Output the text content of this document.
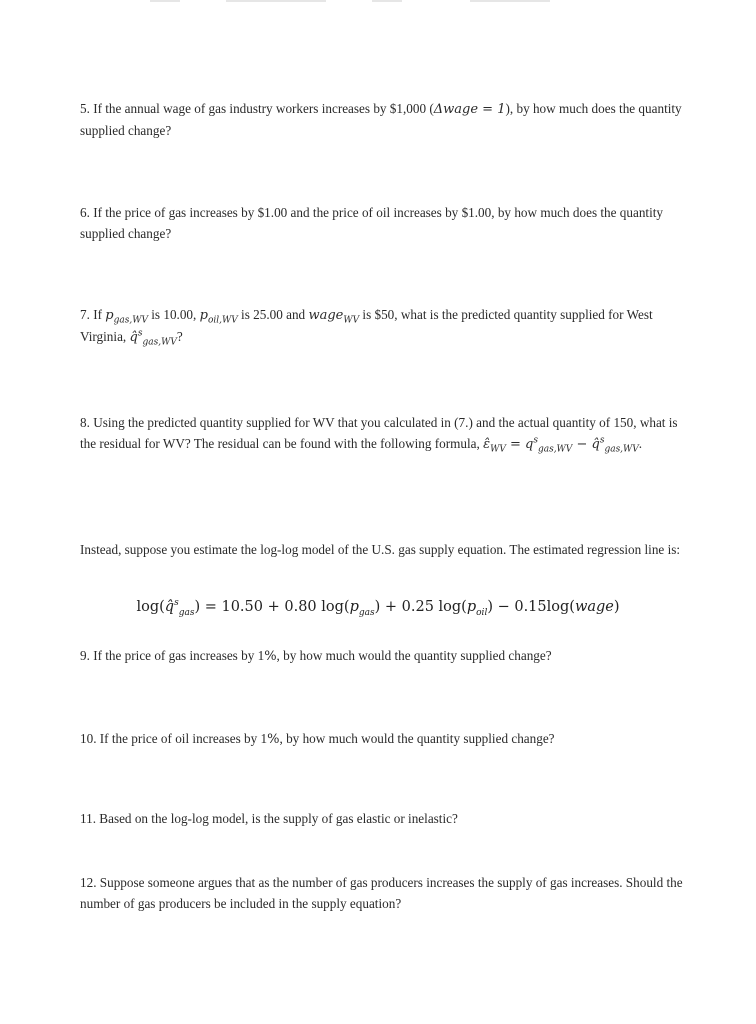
5. If the annual wage of gas industry workers increases by $1,000 (Δwage = 1), by how much does the quantity supplied change?
6. If the price of gas increases by $1.00 and the price of oil increases by $1.00, by how much does the quantity supplied change?
7. If $p_{gas,WV}$ is 10.00, $p_{oil,WV}$ is 25.00 and wage$_{WV}$ is $50, what is the predicted quantity supplied for West Virginia, q̂$^s_{gas,WV}$?
8. Using the predicted quantity supplied for WV that you calculated in (7.) and the actual quantity of 150, what is the residual for WV? The residual can be found with the following formula, $\varepsilon̂_{WV} = q^s_{gas,WV}$ − q̂$^s_{gas,WV}$.
Instead, suppose you estimate the log-log model of the U.S. gas supply equation. The estimated regression line is:
log(q̂$^s_{gas}$) = 10.50 + 0.80 $\log(p_{gas}) + 0.25$ $\log(p_{oil})$ − 0.15log(wage)
9. If the price of gas increases by 1%, by how much would the quantity supplied change?
10. If the price of oil increases by 1%, by how much would the quantity supplied change?
11. Based on the log-log model, is the supply of gas elastic or inelastic?
12. Suppose someone argues that as the number of gas producers increases the supply of gas increases. Should the number of gas producers be included in the supply equation?
